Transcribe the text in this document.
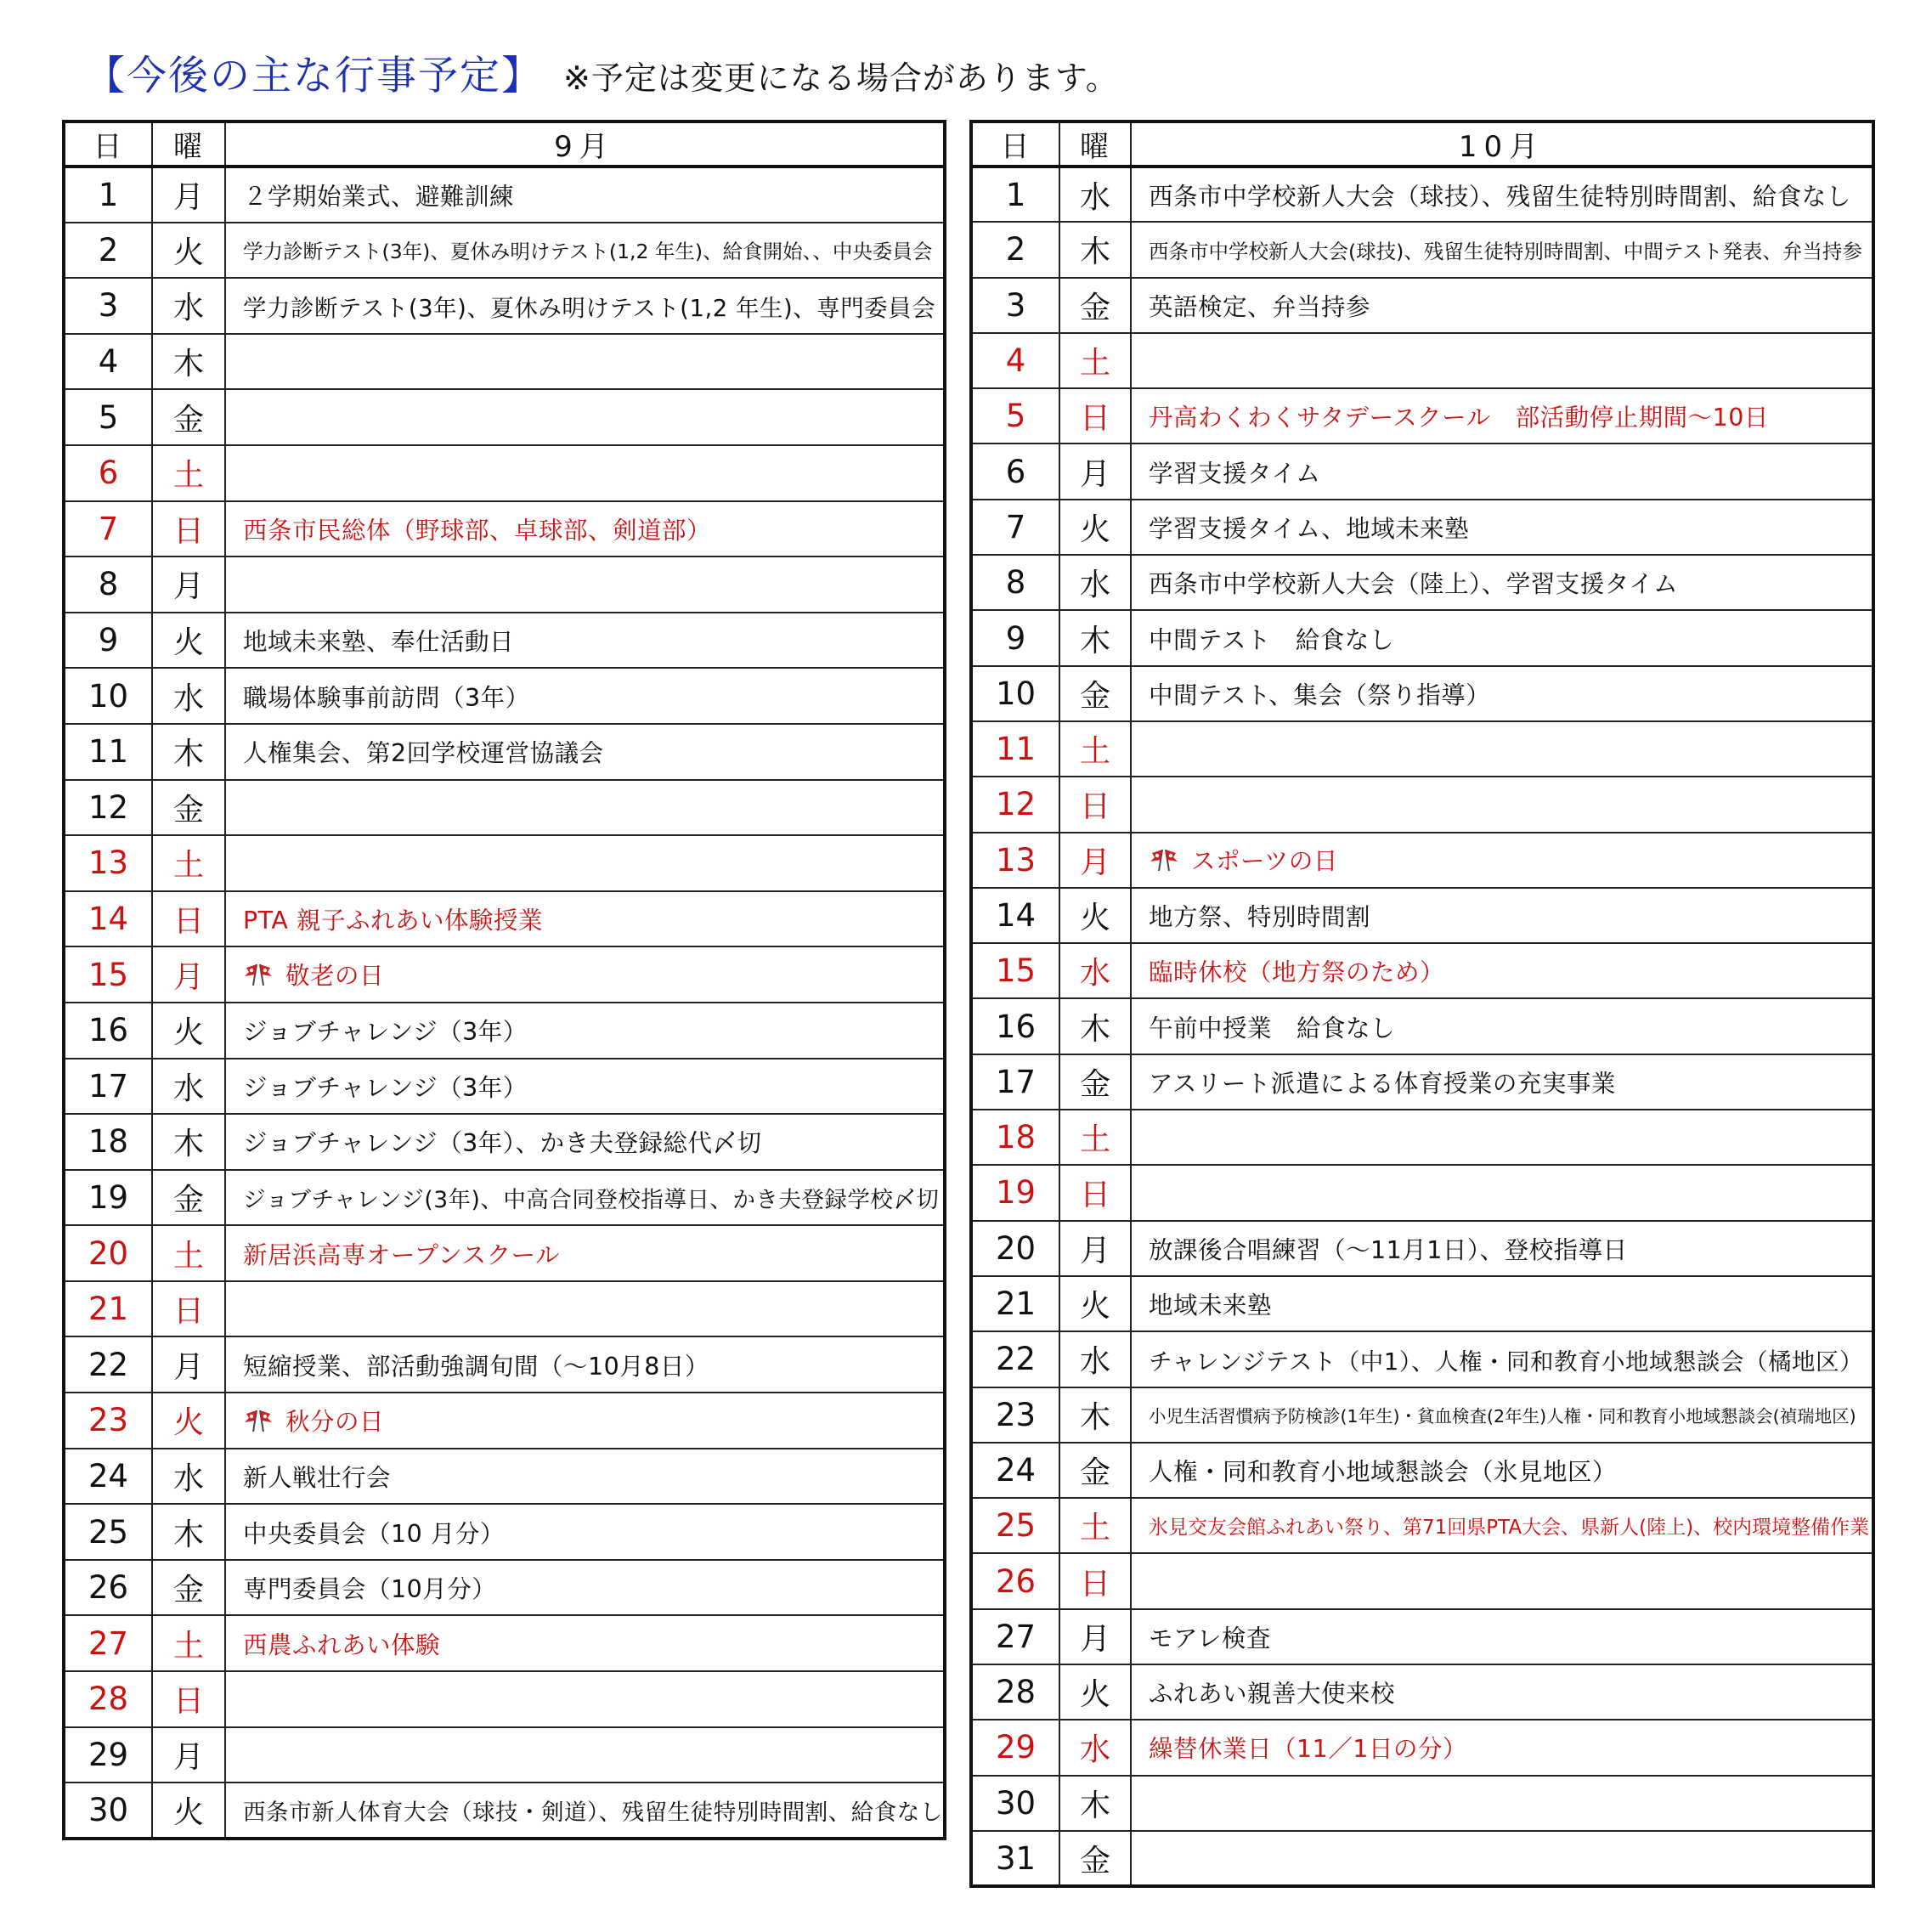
【今後の主な行事予定】 ※予定は変更になる場合があります。
日	曜	9月
1	月	２学期始業式、避難訓練
2	火	学力診断テスト(3年)、夏休み明けテスト(1,2 年生)、給食開始、、中央委員会
3	水	学力診断テスト(3年)、夏休み明けテスト(1,2 年生)、専門委員会
4	木	
5	金	
6	土	
7	日	西条市民総体（野球部、卓球部、剣道部）
8	月	
9	火	地域未来塾、奉仕活動日
10	水	職場体験事前訪問（3年）
11	木	人権集会、第2回学校運営協議会
12	金	
13	土	
14	日	PTA 親子ふれあい体験授業
15	月	敬老の日
16	火	ジョブチャレンジ（3年）
17	水	ジョブチャレンジ（3年）
18	木	ジョブチャレンジ（3年）、かき夫登録総代〆切
19	金	ジョブチャレンジ(3年)、中高合同登校指導日、かき夫登録学校〆切
20	土	新居浜高専オープンスクール
21	日	
22	月	短縮授業、部活動強調旬間（～10月8日）
23	火	秋分の日
24	水	新人戦壮行会
25	木	中央委員会（10 月分）
26	金	専門委員会（10月分）
27	土	西農ふれあい体験
28	日	
29	月	
30	火	西条市新人体育大会（球技・剣道）、残留生徒特別時間割、給食なし
日	曜	10月
1	水	西条市中学校新人大会（球技）、残留生徒特別時間割、給食なし
2	木	西条市中学校新人大会(球技)、残留生徒特別時間割、中間テスト発表、弁当持参
3	金	英語検定、弁当持参
4	土	
5	日	丹高わくわくサタデースクール　部活動停止期間～10日
6	月	学習支援タイム
7	火	学習支援タイム、地域未来塾
8	水	西条市中学校新人大会（陸上）、学習支援タイム
9	木	中間テスト　給食なし
10	金	中間テスト、集会（祭り指導）
11	土	
12	日	
13	月	スポーツの日
14	火	地方祭、特別時間割
15	水	臨時休校（地方祭のため）
16	木	午前中授業　給食なし
17	金	アスリート派遣による体育授業の充実事業
18	土	
19	日	
20	月	放課後合唱練習（～11月1日）、登校指導日
21	火	地域未来塾
22	水	チャレンジテスト（中1）、人権・同和教育小地域懇談会（橘地区）
23	木	小児生活習慣病予防検診(1年生)・貧血検査(2年生)人権・同和教育小地域懇談会(禎瑞地区)
24	金	人権・同和教育小地域懇談会（氷見地区）
25	土	氷見交友会館ふれあい祭り、第71回県PTA大会、県新人(陸上)、校内環境整備作業
26	日	
27	月	モアレ検査
28	火	ふれあい親善大使来校
29	水	繰替休業日（11／1日の分）
30	木	
31	金	
